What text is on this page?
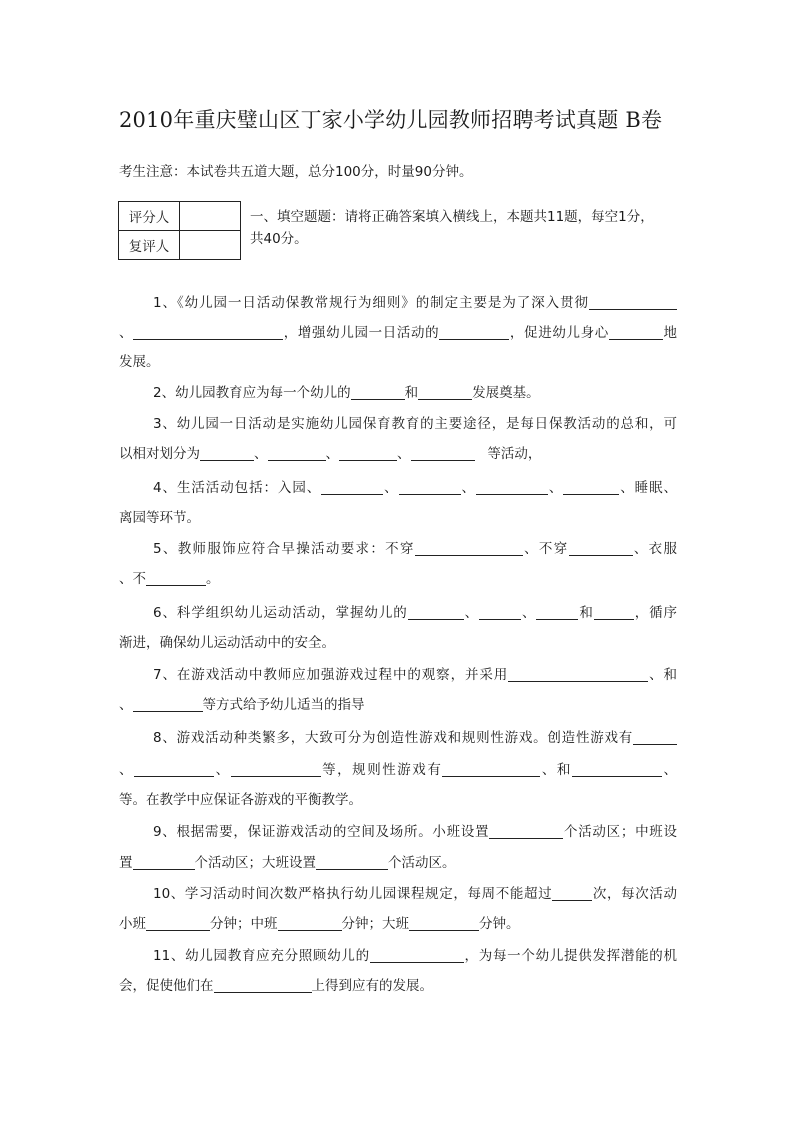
2010年重庆璧山区丁家小学幼儿园教师招聘考试真题 B卷
考生注意：本试卷共五道大题，总分100分，时量90分钟。
评分人	
复评人	
一、填空题题：请将正确答案填入横线上，本题共11题，每空1分，
共40分。
1、《幼儿园一日活动保教常规行为细则》的制定主要是为了深入贯彻
、	，增强幼儿园一日活动的	，促进幼儿身心	地
发展。
2、幼儿园教育应为每一个幼儿的	和	发展奠基。
3、幼儿园一日活动是实施幼儿园保育教育的主要途径，是每日保教活动的总和，可
以相对划分为	、	、	、	等活动，
4、生活活动包括：入园、	、	、	、	、睡眠、
离园等环节。
5、教师服饰应符合早操活动要求：不穿	、不穿	、衣服
、不	。
6、科学组织幼儿运动活动，掌握幼儿的	、	、	和	，循序
渐进，确保幼儿运动活动中的安全。
7、在游戏活动中教师应加强游戏过程中的观察，并采用	、和
、	等方式给予幼儿适当的指导
8、游戏活动种类繁多，大致可分为创造性游戏和规则性游戏。创造性游戏有
、	、	等，规则性游戏有	、和	、
等。在教学中应保证各游戏的平衡教学。
9、根据需要，保证游戏活动的空间及场所。小班设置	个活动区；中班设
置	个活动区；大班设置	个活动区。
10、学习活动时间次数严格执行幼儿园课程规定，每周不能超过	次，每次活动
小班	分钟；中班	分钟；大班	分钟。
11、幼儿园教育应充分照顾幼儿的	，为每一个幼儿提供发挥潜能的机
会，促使他们在	上得到应有的发展。
